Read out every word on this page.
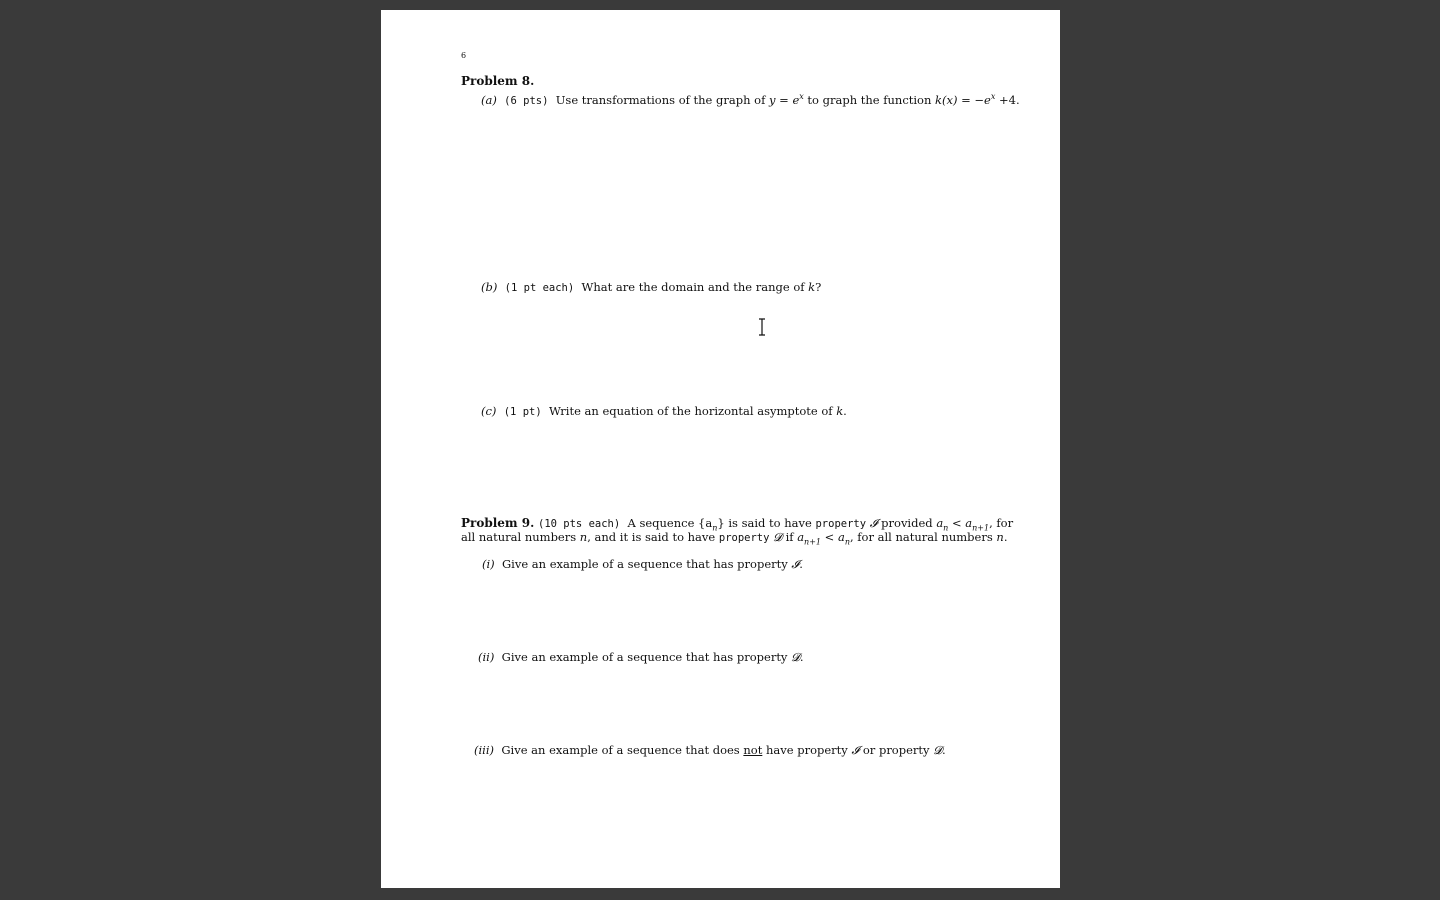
6
Problem 8.
(a) (6 pts) Use transformations of the graph of $y = e^x$ to graph the function $k(x) = -e^x +4$.
(b) (1 pt each) What are the domain and the range of k?
(c) (1 pt) Write an equation of the horizontal asymptote of k.
Problem 9. (10 pts each) A sequence $\{a_n\}$ is said to have property 𝓘 provided $a_n < a_{n+1}$, for
all natural numbers n, and it is said to have property 𝓓 if $a_{n+1} < a_n$, for all natural numbers n.
(i) Give an example of a sequence that has property 𝓘.
(ii) Give an example of a sequence that has property 𝓓.
(iii) Give an example of a sequence that does not have property 𝓘 or property 𝓓.
